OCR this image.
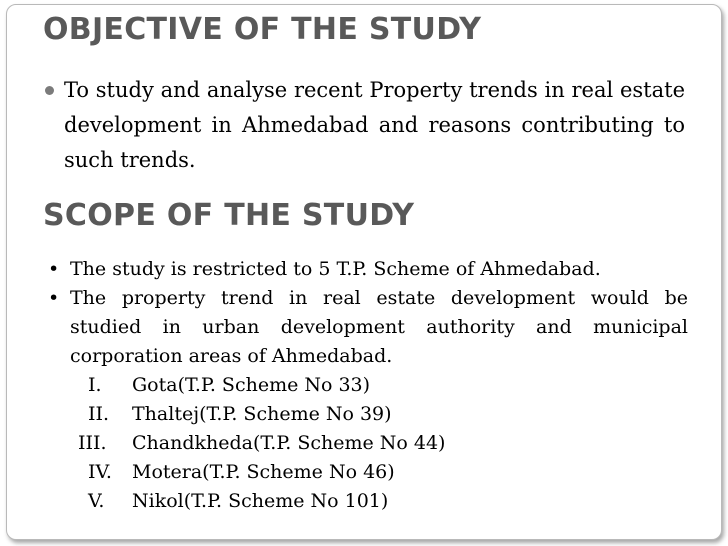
OBJECTIVE OF THE STUDY
To study and analyse recent Property trends in real estate development in Ahmedabad and reasons contributing to such trends.
SCOPE OF THE STUDY
• The study is restricted to 5 T.P. Scheme of Ahmedabad.
• The property trend in real estate development would be studied in urban development authority and municipal corporation areas of Ahmedabad.
I.	Gota(T.P. Scheme No 33)
II.	Thaltej(T.P. Scheme No 39)
III.	Chandkheda(T.P. Scheme No 44)
IV.	Motera(T.P. Scheme No 46)
V.	Nikol(T.P. Scheme No 101)
